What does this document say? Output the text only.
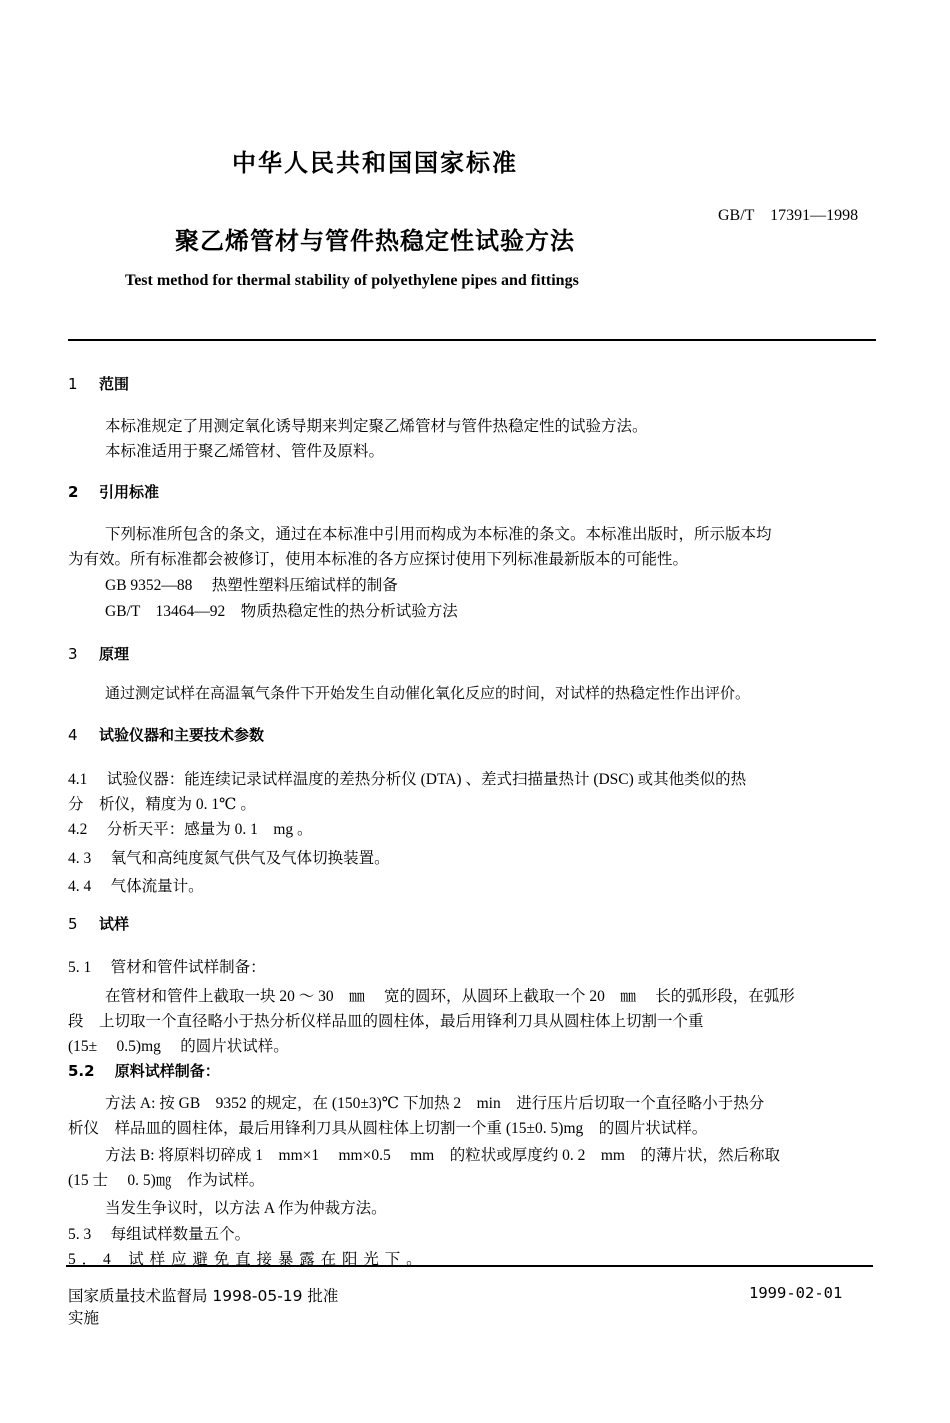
中华人民共和国国家标准
GB/T　17391—1998
聚乙烯管材与管件热稳定性试验方法
Test method for thermal stability of polyethylene pipes and fittings
1 范围
本标准规定了用测定氧化诱导期来判定聚乙烯管材与管件热稳定性的试验方法。
本标准适用于聚乙烯管材、管件及原料。
2 引用标准
下列标准所包含的条文，通过在本标准中引用而构成为本标准的条文。本标准出版时，所示版本均
为有效。所有标准都会被修订，使用本标准的各方应探讨使用下列标准最新版本的可能性。
GB 9352—88　 热塑性塑料压缩试样的制备
GB/T　13464—92　物质热稳定性的热分析试验方法
3 原理
通过测定试样在高温氧气条件下开始发生自动催化氧化反应的时间，对试样的热稳定性作出评价。
4 试验仪器和主要技术参数
4.1　 试验仪器：能连续记录试样温度的差热分析仪 (DTA) 、差式扫描量热计 (DSC) 或其他类似的热
分　析仪，精度为 0. 1℃ 。
4.2　 分析天平：感量为 0. 1　mg 。
4. 3　 氧气和高纯度氮气供气及气体切换装置。
4. 4　 气体流量计。
5 试样
5. 1　 管材和管件试样制备：
在管材和管件上截取一块 20 ～ 30　㎜　 宽的圆环，从圆环上截取一个 20　㎜　 长的弧形段，在弧形
段　上切取一个直径略小于热分析仪样品皿的圆柱体，最后用锋利刀具从圆柱体上切割一个重
(15±　 0.5)mg　 的圆片状试样。
5.2　 原料试样制备：
方法 A: 按 GB　9352 的规定，在 (150±3)℃ 下加热 2　min　进行压片后切取一个直径略小于热分
析仪　样品皿的圆柱体，最后用锋利刀具从圆柱体上切割一个重 (15±0. 5)mg　的圆片状试样。
方法 B: 将原料切碎成 1　mm×1　 mm×0.5　 mm　的粒状或厚度约 0. 2　mm　的薄片状，然后称取
(15 士　 0. 5)㎎　作为试样。
当发生争议时，以方法 A 作为仲裁方法。
5. 3　 每组试样数量五个。
5 ． 4　试 样 应 避 免 直 接 暴 露 在 阳 光 下 。
国家质量技术监督局 1998-05-19 批准	1999-02-01
实施
